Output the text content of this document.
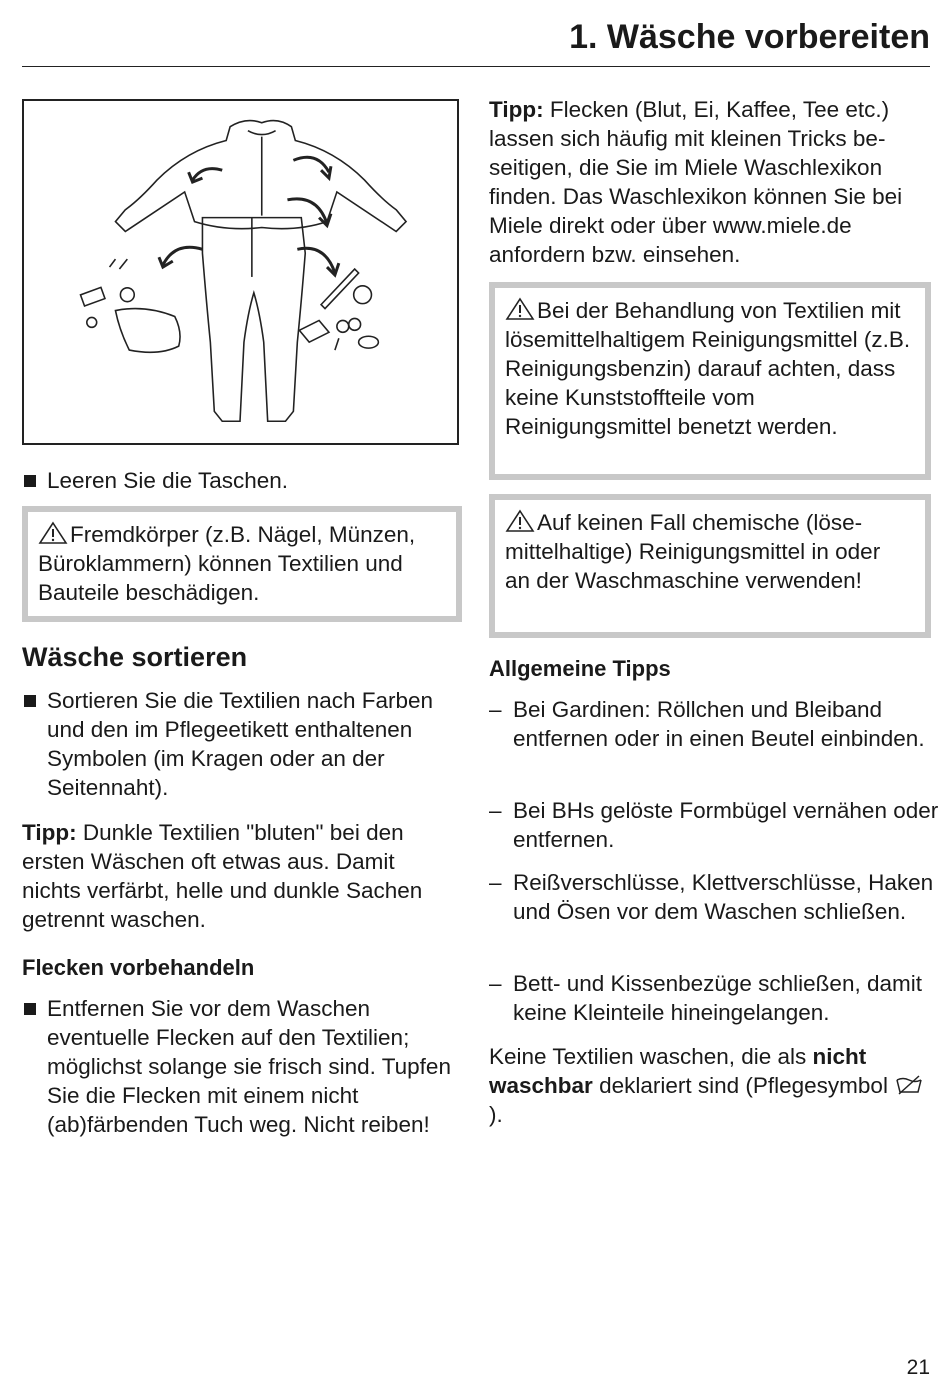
1. Wäsche vorbereiten
Leeren Sie die Taschen.
Fremdkörper (z.B. Nägel, Münzen, Büroklammern) können Textilien und Bauteile beschädigen.
Wäsche sortieren
Sortieren Sie die Textilien nach Farben und den im Pflegeetikett enthaltenen Symbolen (im Kragen oder an der Seitennaht).
Tipp: Dunkle Textilien "bluten" bei den ersten Wäschen oft etwas aus. Damit nichts verfärbt, helle und dunkle Sachen getrennt waschen.
Flecken vorbehandeln
Entfernen Sie vor dem Waschen eventuelle Flecken auf den Textilien; möglichst solange sie frisch sind. Tupfen Sie die Flecken mit einem nicht (ab)färbenden Tuch weg. Nicht reiben!
Tipp: Flecken (Blut, Ei, Kaffee, Tee etc.) lassen sich häufig mit kleinen Tricks beseitigen, die Sie im Miele Waschlexikon finden. Das Waschlexikon können Sie bei Miele direkt oder über www.miele.de anfordern bzw. einsehen.
Bei der Behandlung von Textilien mit lösemittelhaltigem Reinigungsmittel (z.B. Reinigungsbenzin) darauf achten, dass keine Kunststoffteile vom Reinigungsmittel benetzt werden.
Auf keinen Fall chemische (lösemittelhaltige) Reinigungsmittel in oder an der Waschmaschine verwenden!
Allgemeine Tipps
– Bei Gardinen: Röllchen und Bleiband entfernen oder in einen Beutel einbinden.
– Bei BHs gelöste Formbügel vernähen oder entfernen.
– Reißverschlüsse, Klettverschlüsse, Haken und Ösen vor dem Waschen schließen.
– Bett- und Kissenbezüge schließen, damit keine Kleinteile hineingelangen.
Keine Textilien waschen, die als nicht waschbar deklariert sind (Pflegesymbol ).
21
